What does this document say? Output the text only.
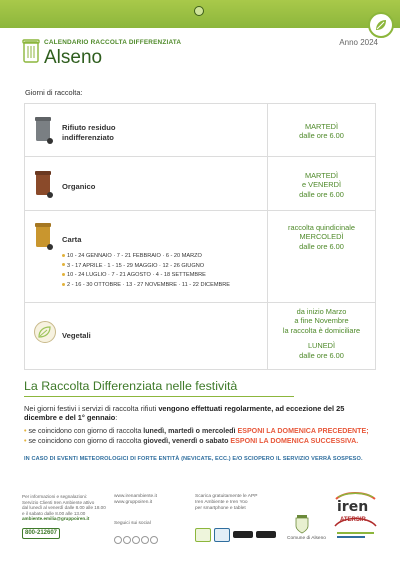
CALENDARIO RACCOLTA DIFFERENZIATA
Alseno
Anno 2024
Giorni di raccolta:
Rifiuto residuo
indifferenziato
MARTEDÌ
dalle ore 6.00
Organico
MARTEDÌ
e VENERDÌ
dalle ore 6.00
Carta
10 - 24 GENNAIO · 7 - 21 FEBBRAIO · 6 - 20 MARZO
3 - 17 APRILE · 1 - 15 - 29 MAGGIO · 12 - 26 GIUGNO
10 - 24 LUGLIO · 7 - 21 AGOSTO · 4 - 18 SETTEMBRE
2 - 16 - 30 OTTOBRE · 13 - 27 NOVEMBRE · 11 - 22 DICEMBRE
raccolta quindicinale
MERCOLEDÌ
dalle ore 6.00
Vegetali
da inizio Marzo
a fine Novembre
la raccolta è domiciliare
LUNEDÌ
dalle ore 6.00
La Raccolta Differenziata nelle festività
Nei giorni festivi i servizi di raccolta rifiuti vengono effettuati regolarmente, ad eccezione del 25 dicembre e del 1° gennaio:
• se coincidono con giorno di raccolta lunedì, martedì o mercoledì ESPONI LA DOMENICA PRECEDENTE;
• se coincidono con giorno di raccolta giovedì, venerdì o sabato ESPONI LA DOMENICA SUCCESSIVA.
IN CASO DI EVENTI METEOROLOGICI DI FORTE ENTITÀ (NEVICATE, ECC.) E/O SCIOPERO IL SERVIZIO VERRÀ SOSPESO.
Per informazioni e segnalazioni:
Servizio Clienti Iren Ambiente attivo
dal lunedì al venerdì dalle 8.00 alle 18.00
e il sabato dalle 8.00 alle 13.00
ambiente.emilia@gruppoiren.it
800-212607
www.irenambiente.it
www.gruppoiren.it
Seguici sui social
Scarica gratuitamente le APP
Iren Ambiente e Iren Yoo
per smartphone e tablet
Comune di Alseno
iren
ATERSIR
